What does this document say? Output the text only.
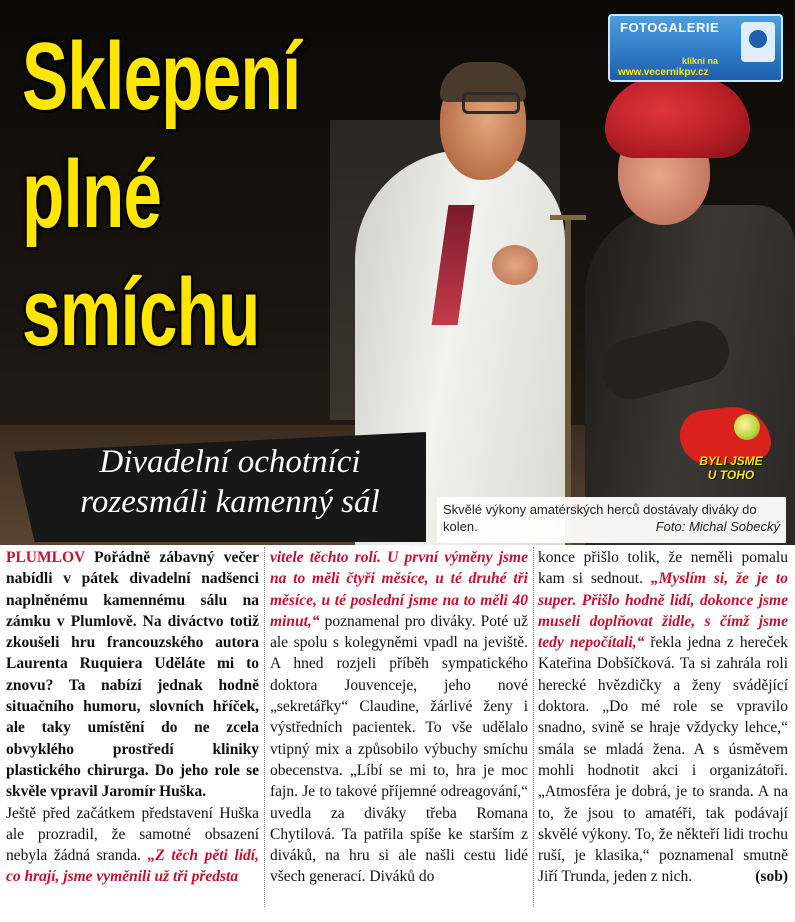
Sklepení
plné
smíchu
FOTOGALERIE
klikni na
www.vecernikpv.cz
Divadelní ochotníci
rozesmáli kamenný sál
BYLI JSME
U TOHO
Skvělé výkony amatérských herců dostávaly diváky do kolen.	Foto: Michal Sobecký

PLUMLOV Pořádně zábavný večer nabídli v pátek divadelní nadšenci naplněnému kamennému sálu na zámku v Plumlově. Na diváctvo totiž zkoušeli hru francouzského autora Laurenta Ruquiera Uděláte mi to znovu? Ta nabízí jednak hodně situačního humoru, slovních hříček, ale taky umístění do ne zcela obvyklého prostředí kliniky plastického chirurga. Do jeho role se skvěle vpravil Jaromír Huška.

Ještě před začátkem představení Huška ale prozradil, že samotné obsazení nebyla žádná sranda. „Z těch pěti lidí, co hrají, jsme vyměnili už tři předsta

vitele těchto rolí. U první výměny jsme na to měli čtyři měsíce, u té druhé tři měsíce, u té poslední jsme na to měli 40 minut,“ poznamenal pro diváky. Poté už ale spolu s kolegyněmi vpadl na jeviště. A hned rozjeli příběh sympatického doktora Jouvenceje, jeho nové „sekretářky“ Claudine, žárlivé ženy i výstředních pacientek. To vše udělalo vtipný mix a způsobilo výbuchy smíchu obecenstva. „Líbí se mi to, hra je moc fajn. Je to takové příjemné odreagování,“ uvedla za diváky třeba Romana Chytilová. Ta patřila spíše ke starším z diváků, na hru si ale našli cestu lidé všech generací. Diváků do

konce přišlo tolik, že neměli pomalu kam si sednout. „Myslím si, že je to super. Přišlo hodně lidí, dokonce jsme museli doplňovat židle, s čímž jsme tedy nepočítali,“ řekla jedna z hereček Kateřina Dobšíčková. Ta si zahrála roli herecké hvězdičky a ženy svádějící doktora. „Do mé role se vpravilo snadno, svině se hraje vždycky lehce,“ smála se mladá žena. A s úsměvem mohli hodnotit akci i organizátoři. „Atmosféra je dobrá, je to sranda. A na to, že jsou to amatéři, tak podávají skvělé výkony. To, že někteří lidi trochu ruší, je klasika,“ poznamenal smutně Jiří Trunda, jeden z nich.	(sob)
